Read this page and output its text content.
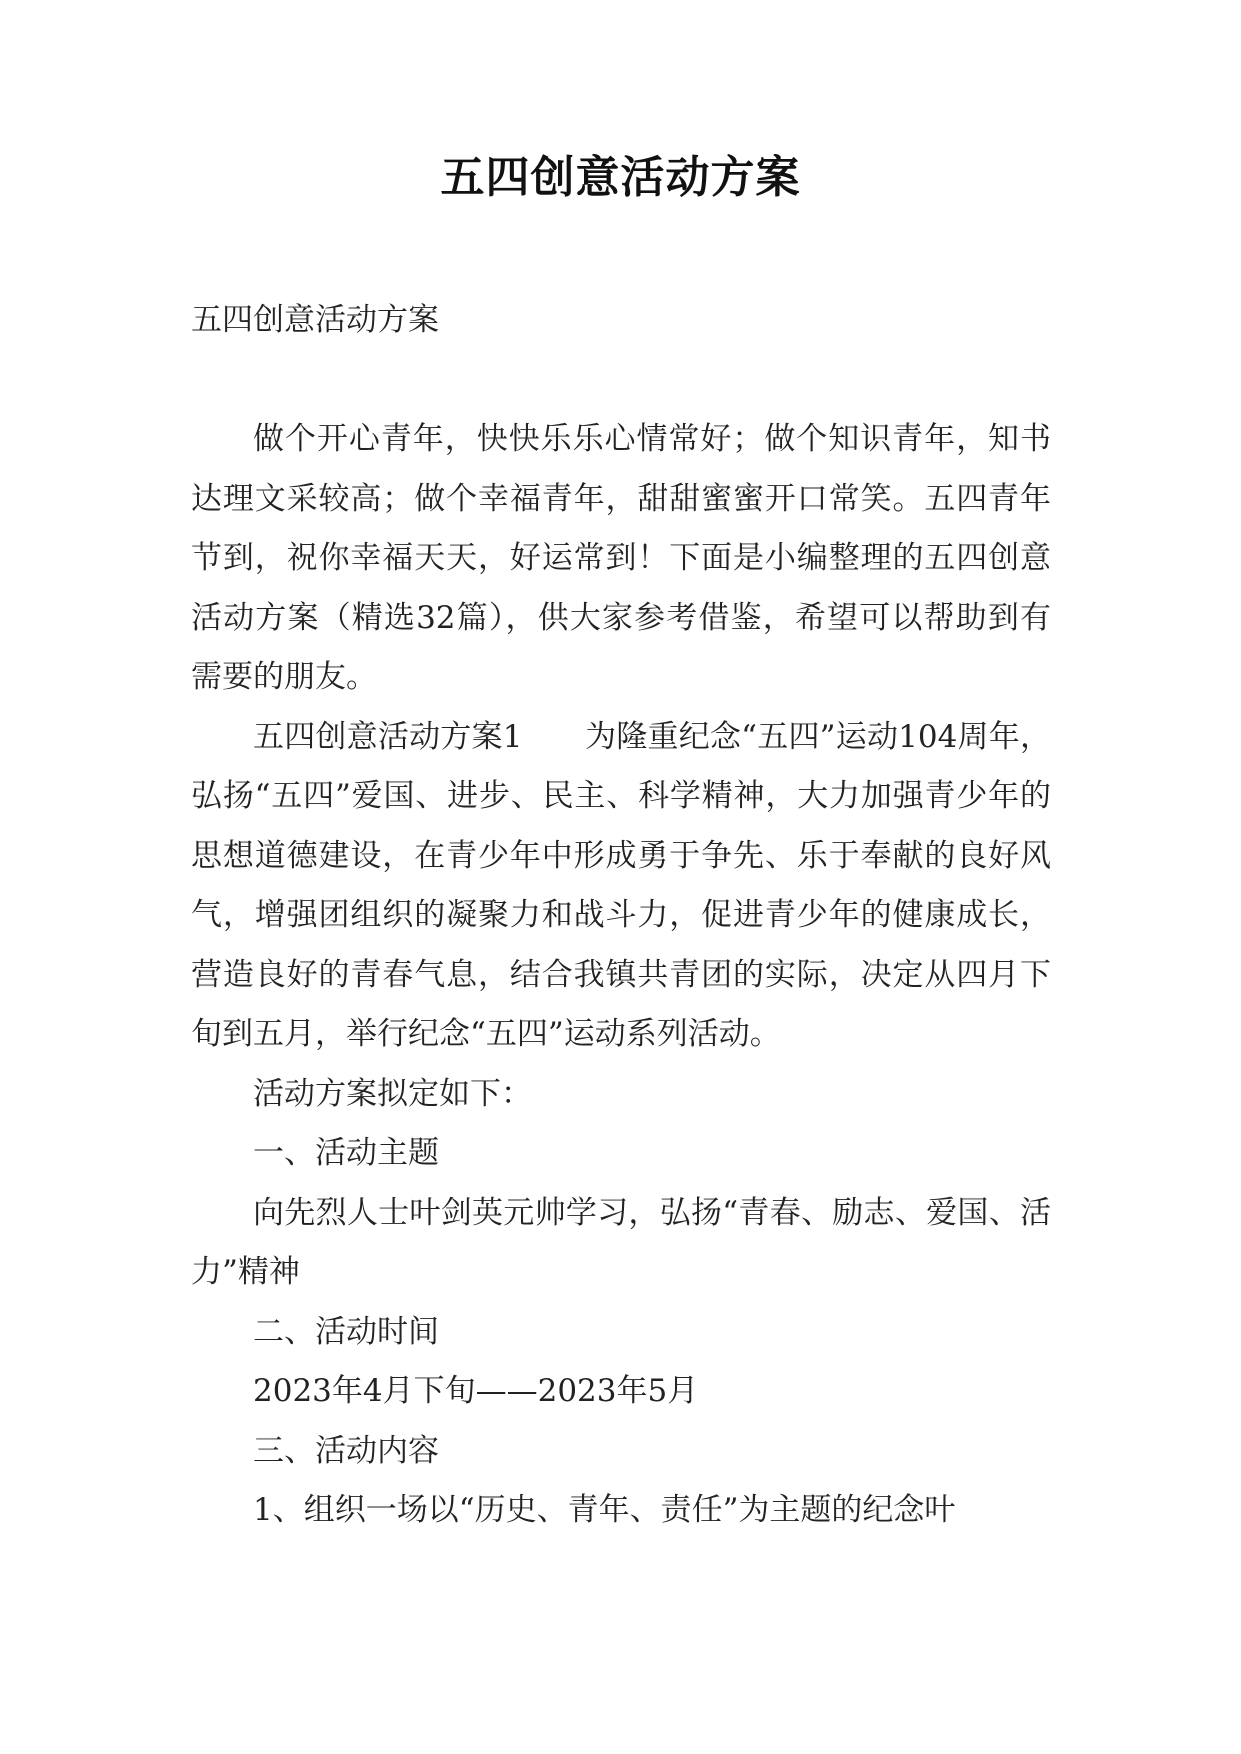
五四创意活动方案

五四创意活动方案

做个开心青年，快快乐乐心情常好；做个知识青年，知书达理文采较高；做个幸福青年，甜甜蜜蜜开口常笑。五四青年节到，祝你幸福天天，好运常到！下面是小编整理的五四创意活动方案（精选32篇），供大家参考借鉴，希望可以帮助到有需要的朋友。

五四创意活动方案1　　为隆重纪念“五四”运动104周年，弘扬“五四”爱国、进步、民主、科学精神，大力加强青少年的思想道德建设，在青少年中形成勇于争先、乐于奉献的良好风气，增强团组织的凝聚力和战斗力，促进青少年的健康成长，营造良好的青春气息，结合我镇共青团的实际，决定从四月下旬到五月，举行纪念“五四”运动系列活动。

活动方案拟定如下：

一、活动主题

向先烈人士叶剑英元帅学习，弘扬“青春、励志、爱国、活力”精神

二、活动时间

2023年4月下旬——2023年5月

三、活动内容

1、组织一场以“历史、青年、责任”为主题的纪念叶
